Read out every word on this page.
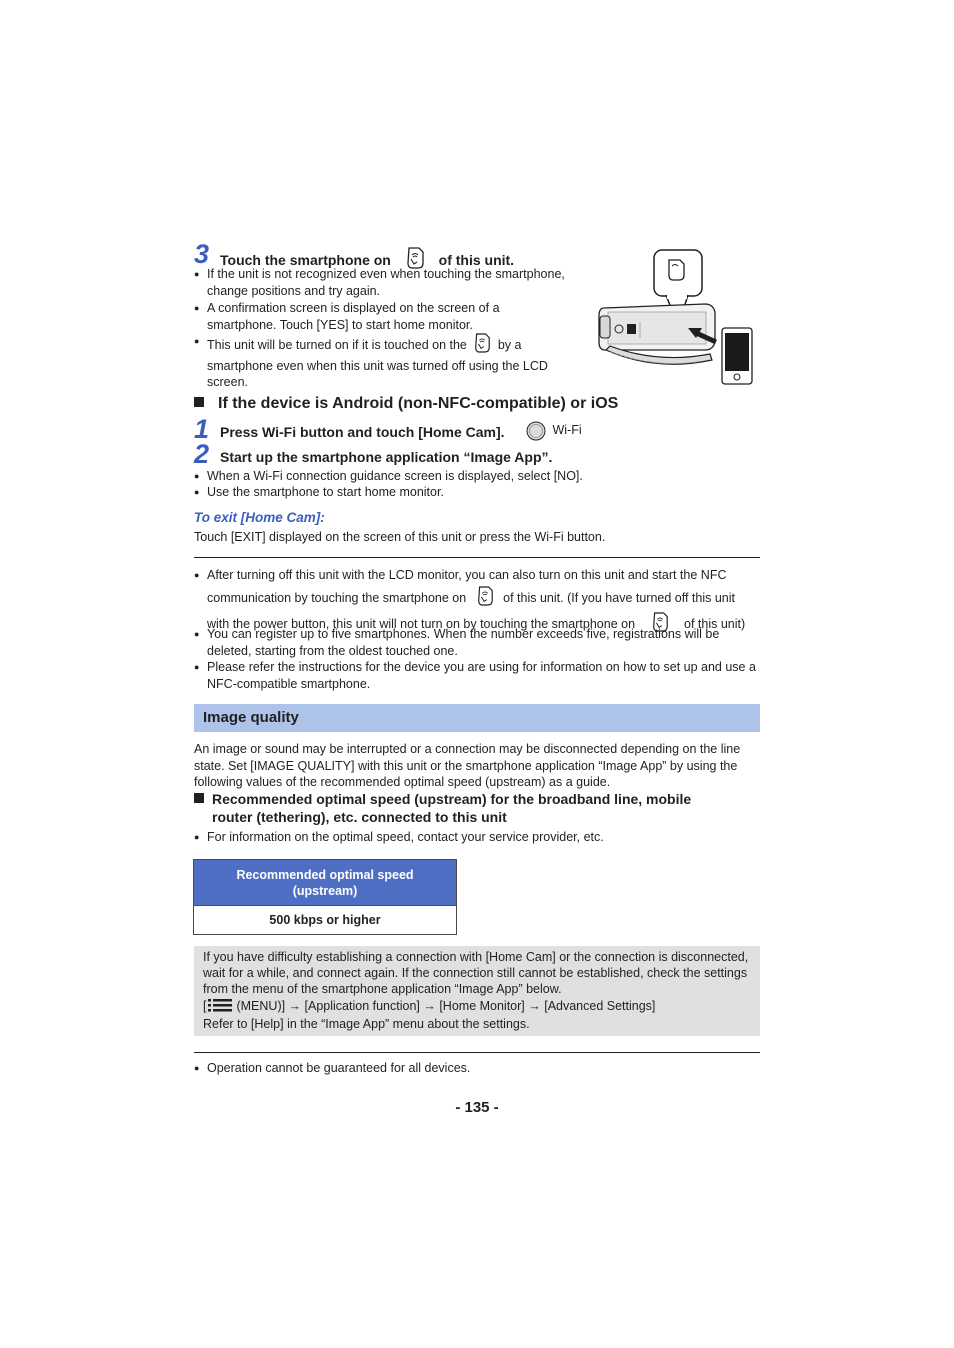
3 Touch the smartphone on	of this unit.
● If the unit is not recognized even when touching the smartphone, change positions and try again.
● A confirmation screen is displayed on the screen of a smartphone. Touch [YES] to start home monitor.
● This unit will be turned on if it is touched on the by a smartphone even when this unit was turned off using the LCD screen.
If the device is Android (non-NFC-compatible) or iOS
1 Press Wi-Fi button and touch [Home Cam].	$^{Wi-Fi}$
2 Start up the smartphone application “Image App”.
● When a Wi-Fi connection guidance screen is displayed, select [NO].
● Use the smartphone to start home monitor.
To exit [Home Cam]:
Touch [EXIT] displayed on the screen of this unit or press the Wi-Fi button.
● After turning off this unit with the LCD monitor, you can also turn on this unit and start the NFC
communication by touching the smartphone on	of this unit. (If you have turned off this unit
with the power button, this unit will not turn on by touching the smartphone on	of this unit)
● You can register up to five smartphones. When the number exceeds five, registrations will be deleted, starting from the oldest touched one.
● Please refer the instructions for the device you are using for information on how to set up and use a NFC-compatible smartphone.
Image quality
An image or sound may be interrupted or a connection may be disconnected depending on the line state. Set [IMAGE QUALITY] with this unit or the smartphone application “Image App” by using the following values of the recommended optimal speed (upstream) as a guide.
Recommended optimal speed (upstream) for the broadband line, mobile
router (tethering), etc. connected to this unit
● For information on the optimal speed, contact your service provider, etc.
Recommended optimal speed
(upstream)
500 kbps or higher
If you have difficulty establishing a connection with [Home Cam] or the connection is disconnected, wait for a while, and connect again. If the connection still cannot be established, check the settings from the menu of the smartphone application “Image App” below.
[ (MENU)] → [Application function] → [Home Monitor] → [Advanced Settings]
Refer to [Help] in the “Image App” menu about the settings.
● Operation cannot be guaranteed for all devices.
- 135 -
